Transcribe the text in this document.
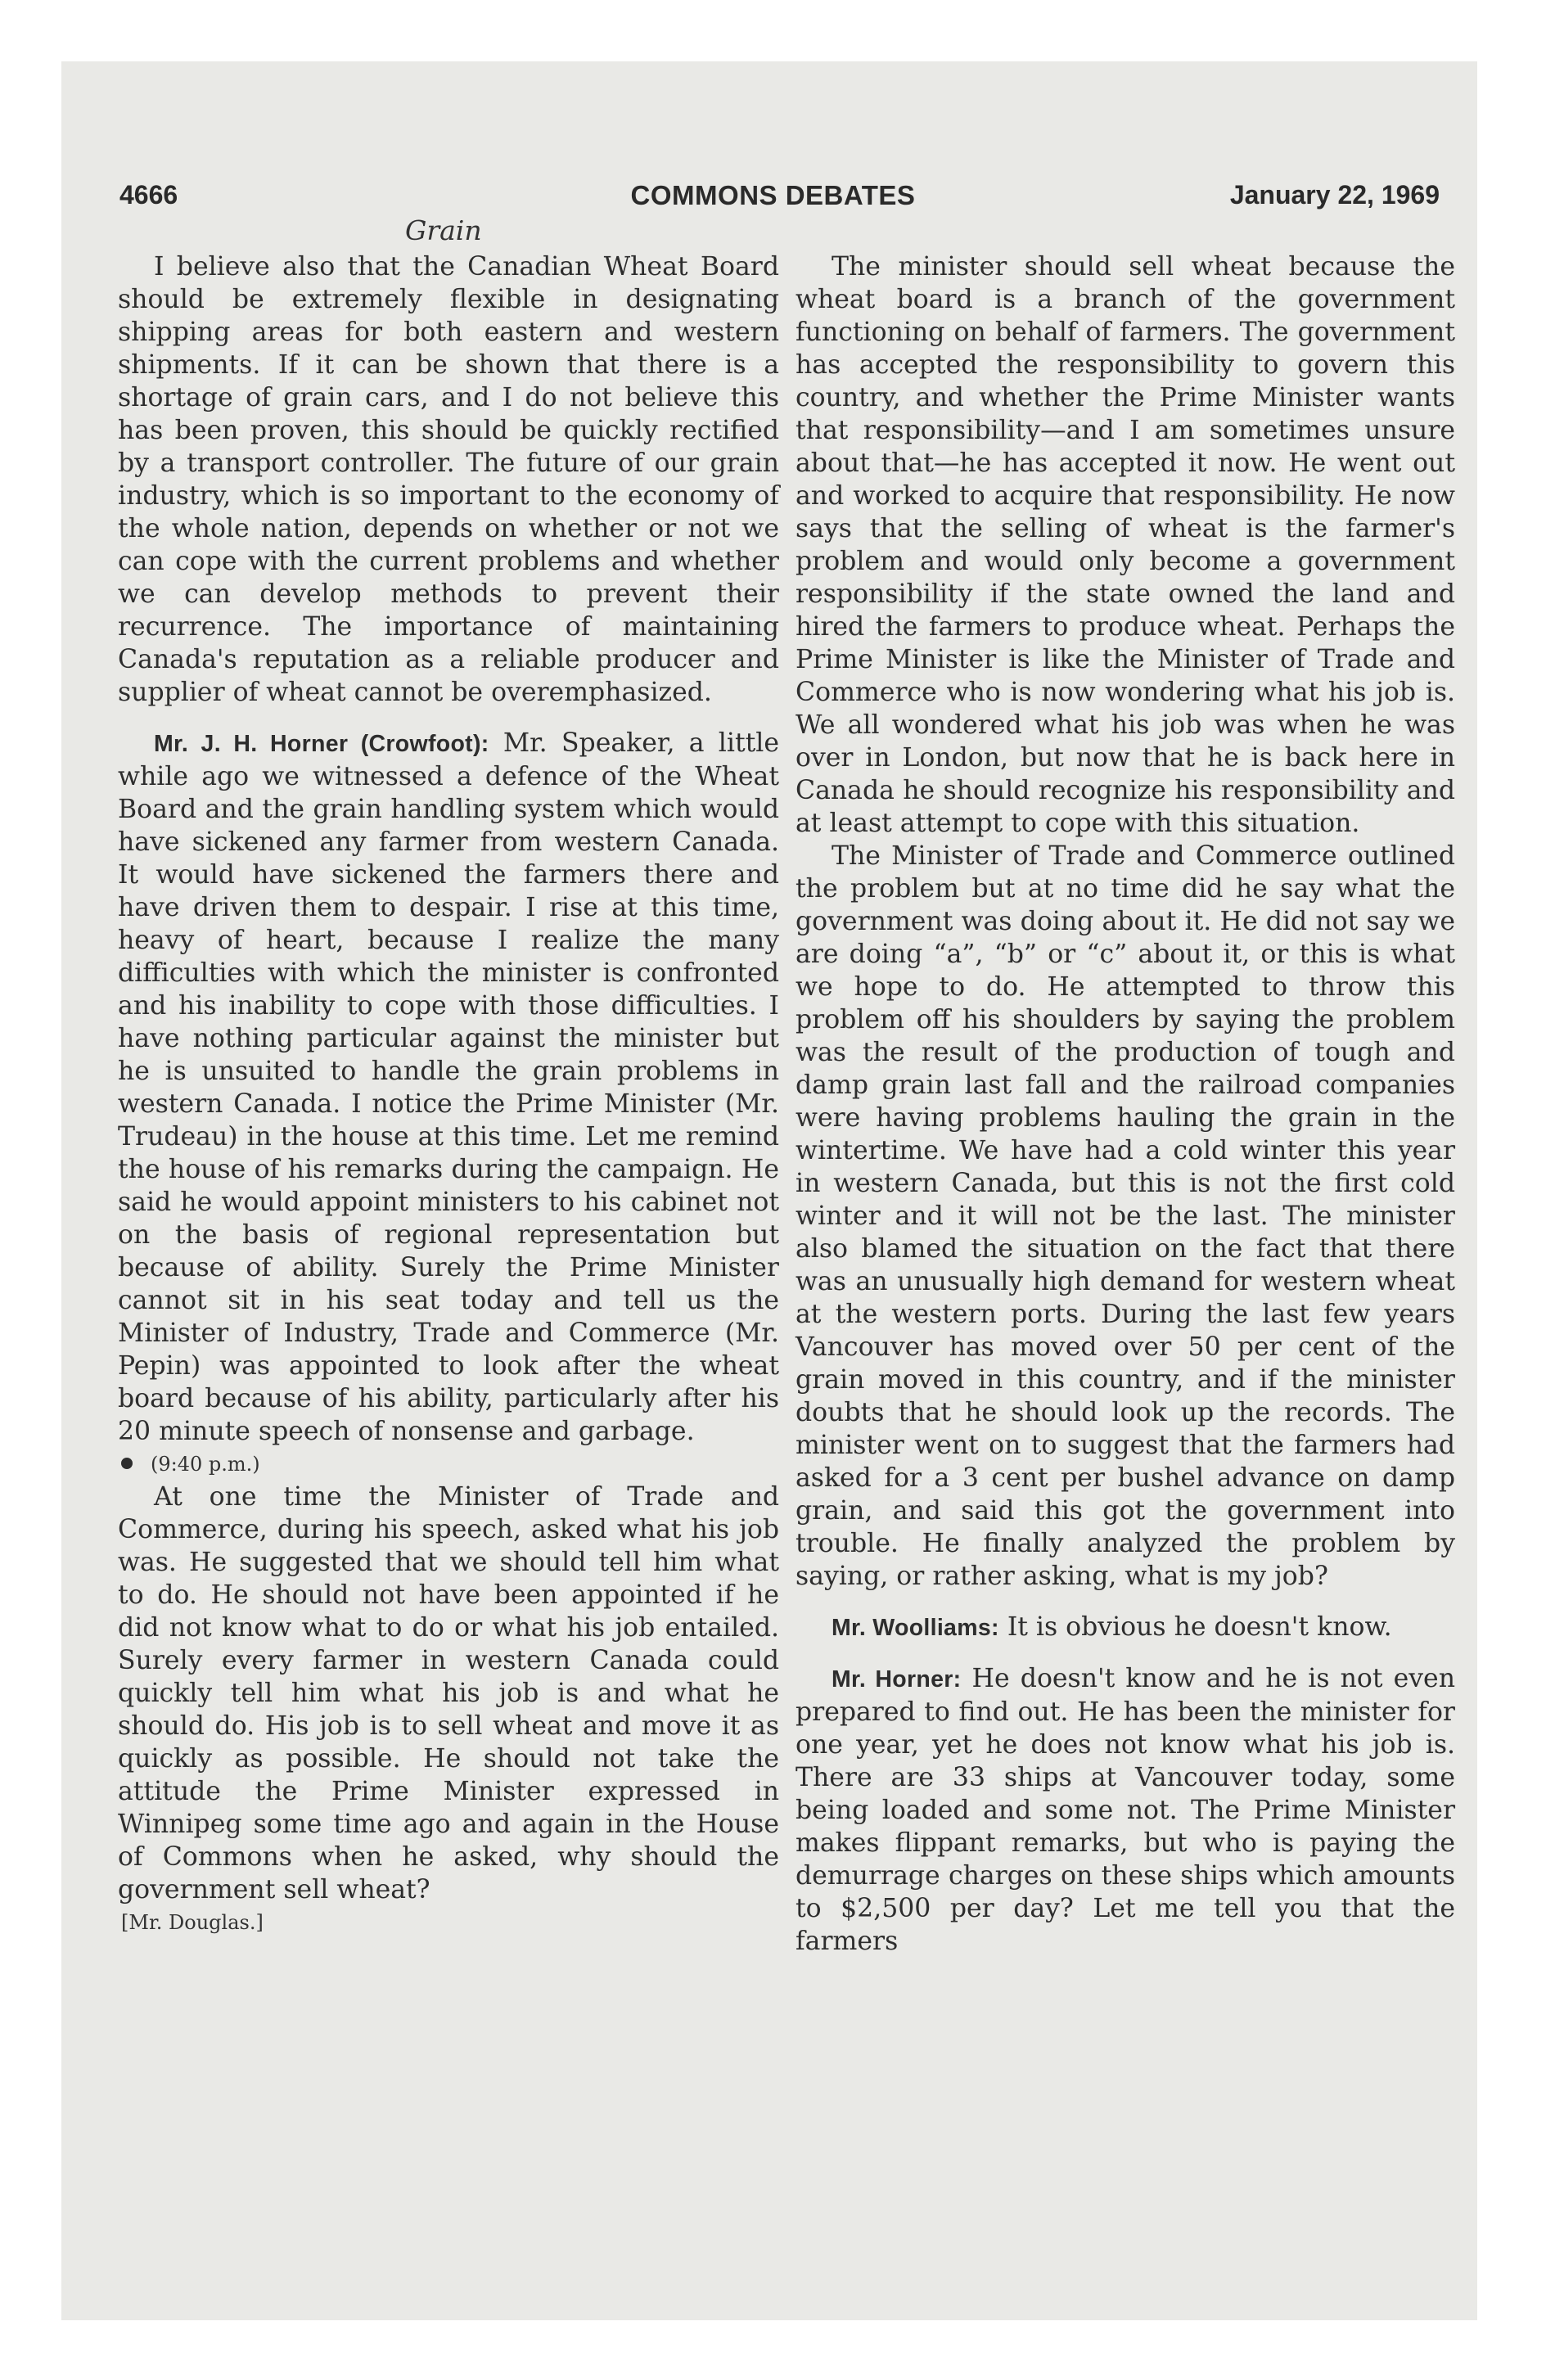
4666	COMMONS DEBATES	January 22, 1969
Grain

I believe also that the Canadian Wheat Board should be extremely flexible in designating shipping areas for both eastern and western shipments. If it can be shown that there is a shortage of grain cars, and I do not believe this has been proven, this should be quickly rectified by a transport controller. The future of our grain industry, which is so important to the economy of the whole nation, depends on whether or not we can cope with the current problems and whether we can develop methods to prevent their recurrence. The importance of maintaining Canada's reputation as a reliable producer and supplier of wheat cannot be overemphasized.

Mr. J. H. Horner (Crowfoot): Mr. Speaker, a little while ago we witnessed a defence of the Wheat Board and the grain handling system which would have sickened any farmer from western Canada. It would have sickened the farmers there and have driven them to despair. I rise at this time, heavy of heart, because I realize the many difficulties with which the minister is confronted and his inability to cope with those difficulties. I have nothing particular against the minister but he is unsuited to handle the grain problems in western Canada. I notice the Prime Minister (Mr. Trudeau) in the house at this time. Let me remind the house of his remarks during the campaign. He said he would appoint ministers to his cabinet not on the basis of regional representation but because of ability. Surely the Prime Minister cannot sit in his seat today and tell us the Minister of Industry, Trade and Commerce (Mr. Pepin) was appointed to look after the wheat board because of his ability, particularly after his 20 minute speech of nonsense and garbage.

(9:40 p.m.)

At one time the Minister of Trade and Commerce, during his speech, asked what his job was. He suggested that we should tell him what to do. He should not have been appointed if he did not know what to do or what his job entailed. Surely every farmer in western Canada could quickly tell him what his job is and what he should do. His job is to sell wheat and move it as quickly as possible. He should not take the attitude the Prime Minister expressed in Winnipeg some time ago and again in the House of Commons when he asked, why should the government sell wheat?

[Mr. Douglas.]

The minister should sell wheat because the wheat board is a branch of the government functioning on behalf of farmers. The government has accepted the responsibility to govern this country, and whether the Prime Minister wants that responsibility—and I am sometimes unsure about that—he has accepted it now. He went out and worked to acquire that responsibility. He now says that the selling of wheat is the farmer's problem and would only become a government responsibility if the state owned the land and hired the farmers to produce wheat. Perhaps the Prime Minister is like the Minister of Trade and Commerce who is now wondering what his job is. We all wondered what his job was when he was over in London, but now that he is back here in Canada he should recognize his responsibility and at least attempt to cope with this situation.

The Minister of Trade and Commerce outlined the problem but at no time did he say what the government was doing about it. He did not say we are doing “a”, “b” or “c” about it, or this is what we hope to do. He attempted to throw this problem off his shoulders by saying the problem was the result of the production of tough and damp grain last fall and the railroad companies were having problems hauling the grain in the wintertime. We have had a cold winter this year in western Canada, but this is not the first cold winter and it will not be the last. The minister also blamed the situation on the fact that there was an unusually high demand for western wheat at the western ports. During the last few years Vancouver has moved over 50 per cent of the grain moved in this country, and if the minister doubts that he should look up the records. The minister went on to suggest that the farmers had asked for a 3 cent per bushel advance on damp grain, and said this got the government into trouble. He finally analyzed the problem by saying, or rather asking, what is my job?

Mr. Woolliams: It is obvious he doesn't know.

Mr. Horner: He doesn't know and he is not even prepared to find out. He has been the minister for one year, yet he does not know what his job is. There are 33 ships at Vancouver today, some being loaded and some not. The Prime Minister makes flippant remarks, but who is paying the demurrage charges on these ships which amounts to $2,500 per day? Let me tell you that the farmers
